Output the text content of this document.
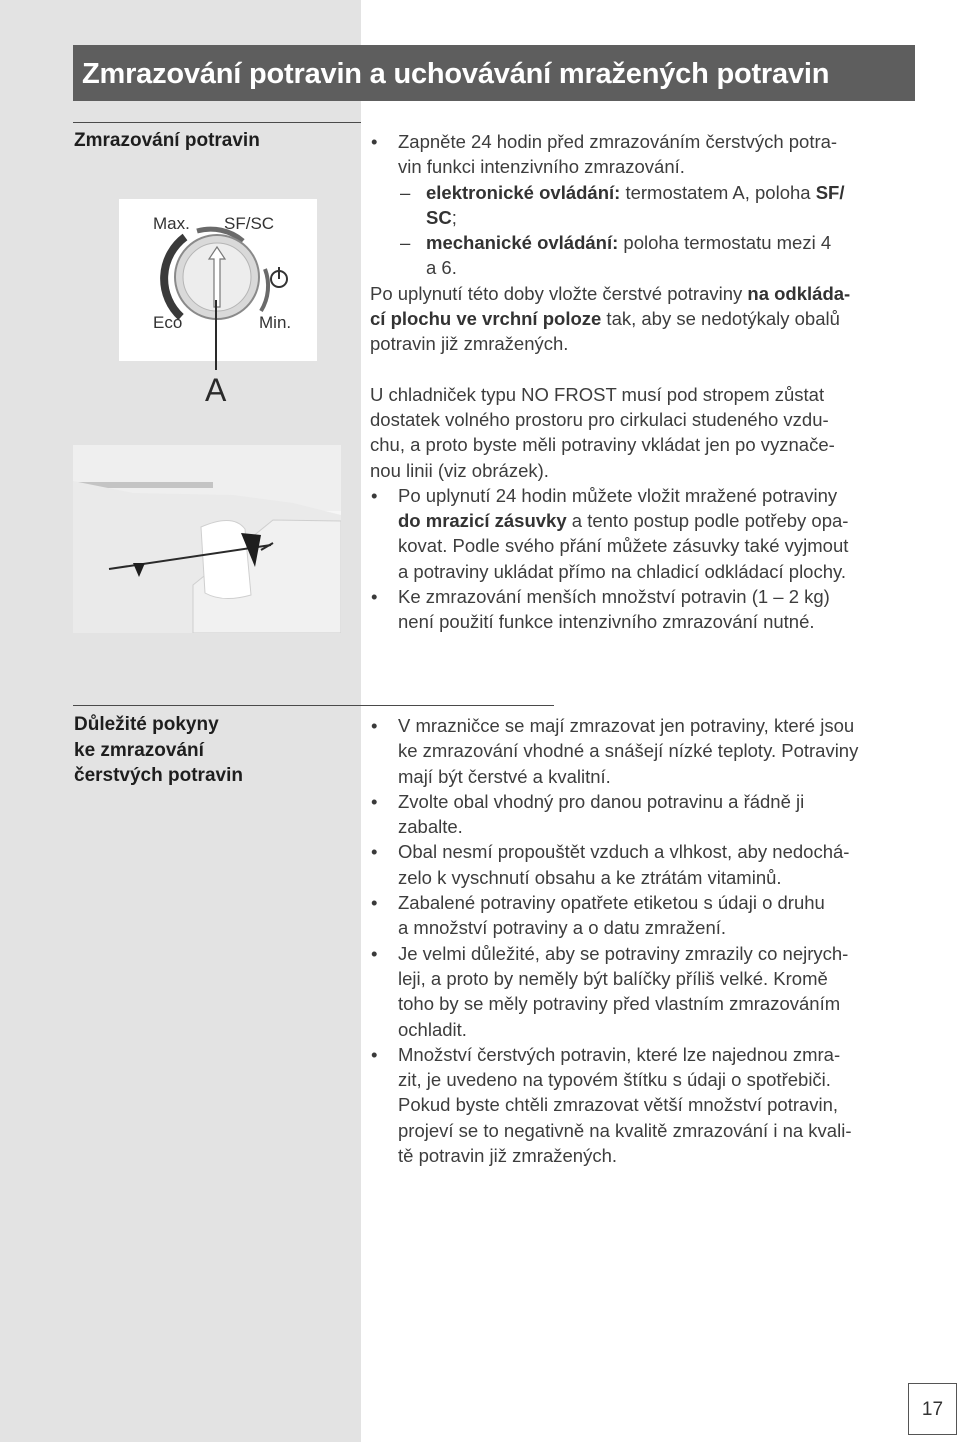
Zmrazování potravin a uchovávání mražených potravin
Zmrazování potravin
Max. SF/SC
Eco	Min.
A

• Zapněte 24 hodin před zmrazováním čerstvých potra-

vin funkci intenzivního zmrazování.

– elektronické ovládání: termostatem A, poloha SF/

SC;

– mechanické ovládání: poloha termostatu mezi 4

a 6.

Po uplynutí této doby vložte čerstvé potraviny na odkláda-

cí plochu ve vrchní poloze tak, aby se nedotýkaly obalů

potravin již zmražených.

U chladniček typu NO FROST musí pod stropem zůstat

dostatek volného prostoru pro cirkulaci studeného vzdu-

chu, a proto byste měli potraviny vkládat jen po vyznače-

nou linii (viz obrázek).

• Po uplynutí 24 hodin můžete vložit mražené potraviny

do mrazicí zásuvky a tento postup podle potřeby opa-

kovat. Podle svého přání můžete zásuvky také vyjmout

a potraviny ukládat přímo na chladicí odkládací plochy.

• Ke zmrazování menších množství potravin (1 – 2 kg)

není použití funkce intenzivního zmrazování nutné.

Důležité pokyny
ke zmrazování
čerstvých potravin

• V mrazničce se mají zmrazovat jen potraviny, které jsou

ke zmrazování vhodné a snášejí nízké teploty. Potraviny

mají být čerstvé a kvalitní.

• Zvolte obal vhodný pro danou potravinu a řádně ji

zabalte.

• Obal nesmí propouštět vzduch a vlhkost, aby nedochá-

zelo k vyschnutí obsahu a ke ztrátám vitaminů.

• Zabalené potraviny opatřete etiketou s údaji o druhu

a množství potraviny a o datu zmražení.

• Je velmi důležité, aby se potraviny zmrazily co nejrych-

leji, a proto by neměly být balíčky příliš velké. Kromě

toho by se měly potraviny před vlastním zmrazováním

ochladit.

• Množství čerstvých potravin, které lze najednou zmra-

zit, je uvedeno na typovém štítku s údaji o spotřebiči.

Pokud byste chtěli zmrazovat větší množství potravin,

projeví se to negativně na kvalitě zmrazování i na kvali-

tě potravin již zmražených.

17
